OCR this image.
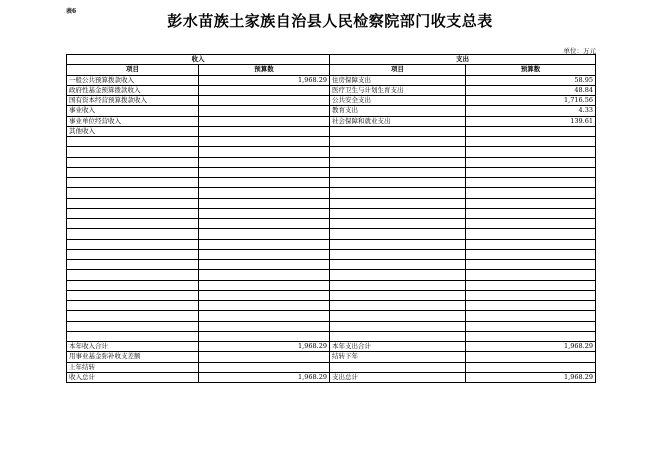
表6
彭水苗族土家族自治县人民检察院部门收支总表
单位：万元
收入		支出	
项目	预算数	项目	预算数
一般公共预算拨款收入	1,968.29	住房保障支出	58.95
政府性基金预算拨款收入		医疗卫生与计划生育支出	48.84
国有资本经营预算拨款收入		公共安全支出	1,716.56
事业收入		教育支出	4.33
事业单位经营收入		社会保障和就业支出	139.61
其他收入			

本年收入合计	1,968.29	本年支出合计	1,968.29
用事业基金弥补收支差额		结转下年	
上年结转			
收入总计	1,968.29	支出总计	1,968.29
